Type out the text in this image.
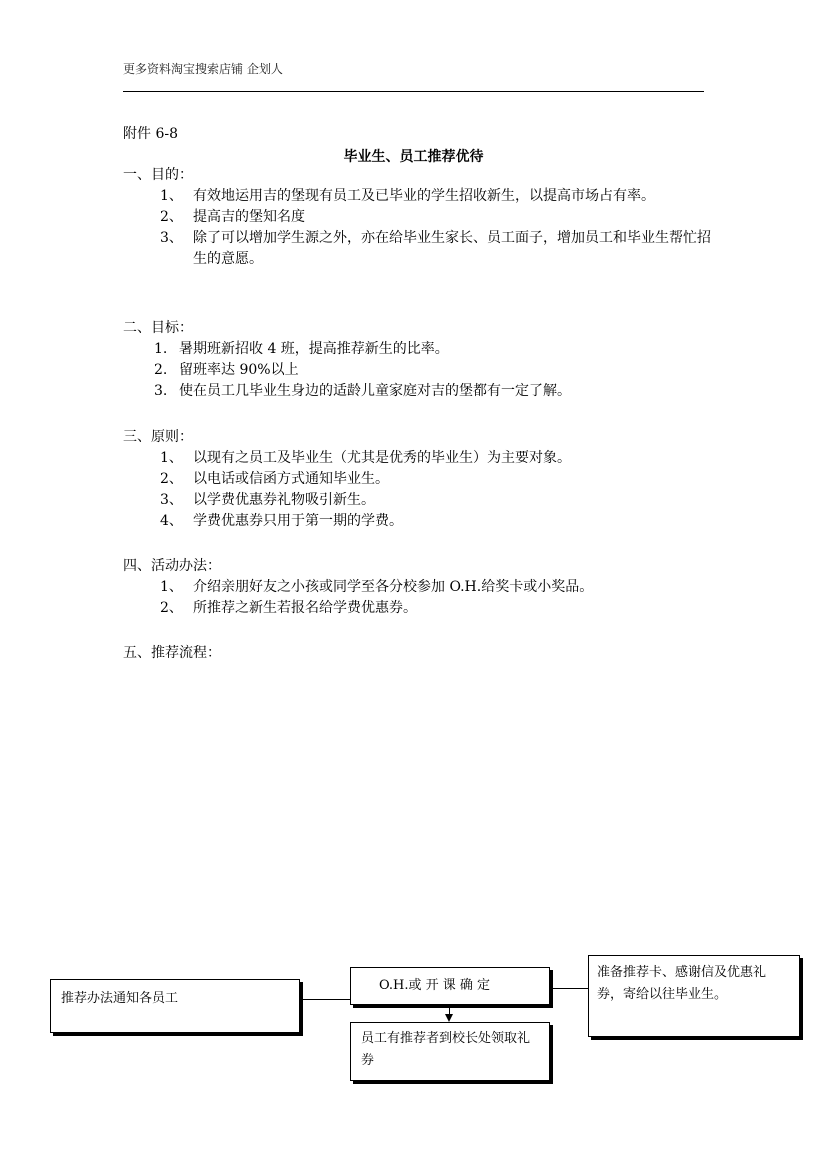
更多资料淘宝搜索店铺 企划人
附件 6-8
毕业生、员工推荐优待
一、目的：
1、 有效地运用吉的堡现有员工及已毕业的学生招收新生，以提高市场占有率。
2、 提高吉的堡知名度
3、 除了可以增加学生源之外，亦在给毕业生家长、员工面子，增加员工和毕业生帮忙招生的意愿。
二、目标：
1. 暑期班新招收 4 班，提高推荐新生的比率。
2. 留班率达 90%以上
3. 使在员工几毕业生身边的适龄儿童家庭对吉的堡都有一定了解。
三、原则：
1、 以现有之员工及毕业生（尤其是优秀的毕业生）为主要对象。
2、 以电话或信函方式通知毕业生。
3、 以学费优惠券礼物吸引新生。
4、 学费优惠券只用于第一期的学费。
四、活动办法：
1、 介绍亲朋好友之小孩或同学至各分校参加 O.H.给奖卡或小奖品。
2、 所推荐之新生若报名给学费优惠券。
五、推荐流程：
推荐办法通知各员工
O.H.或 开 课 确 定
准备推荐卡、感谢信及优惠礼券，寄给以往毕业生。
员工有推荐者到校长处领取礼券
